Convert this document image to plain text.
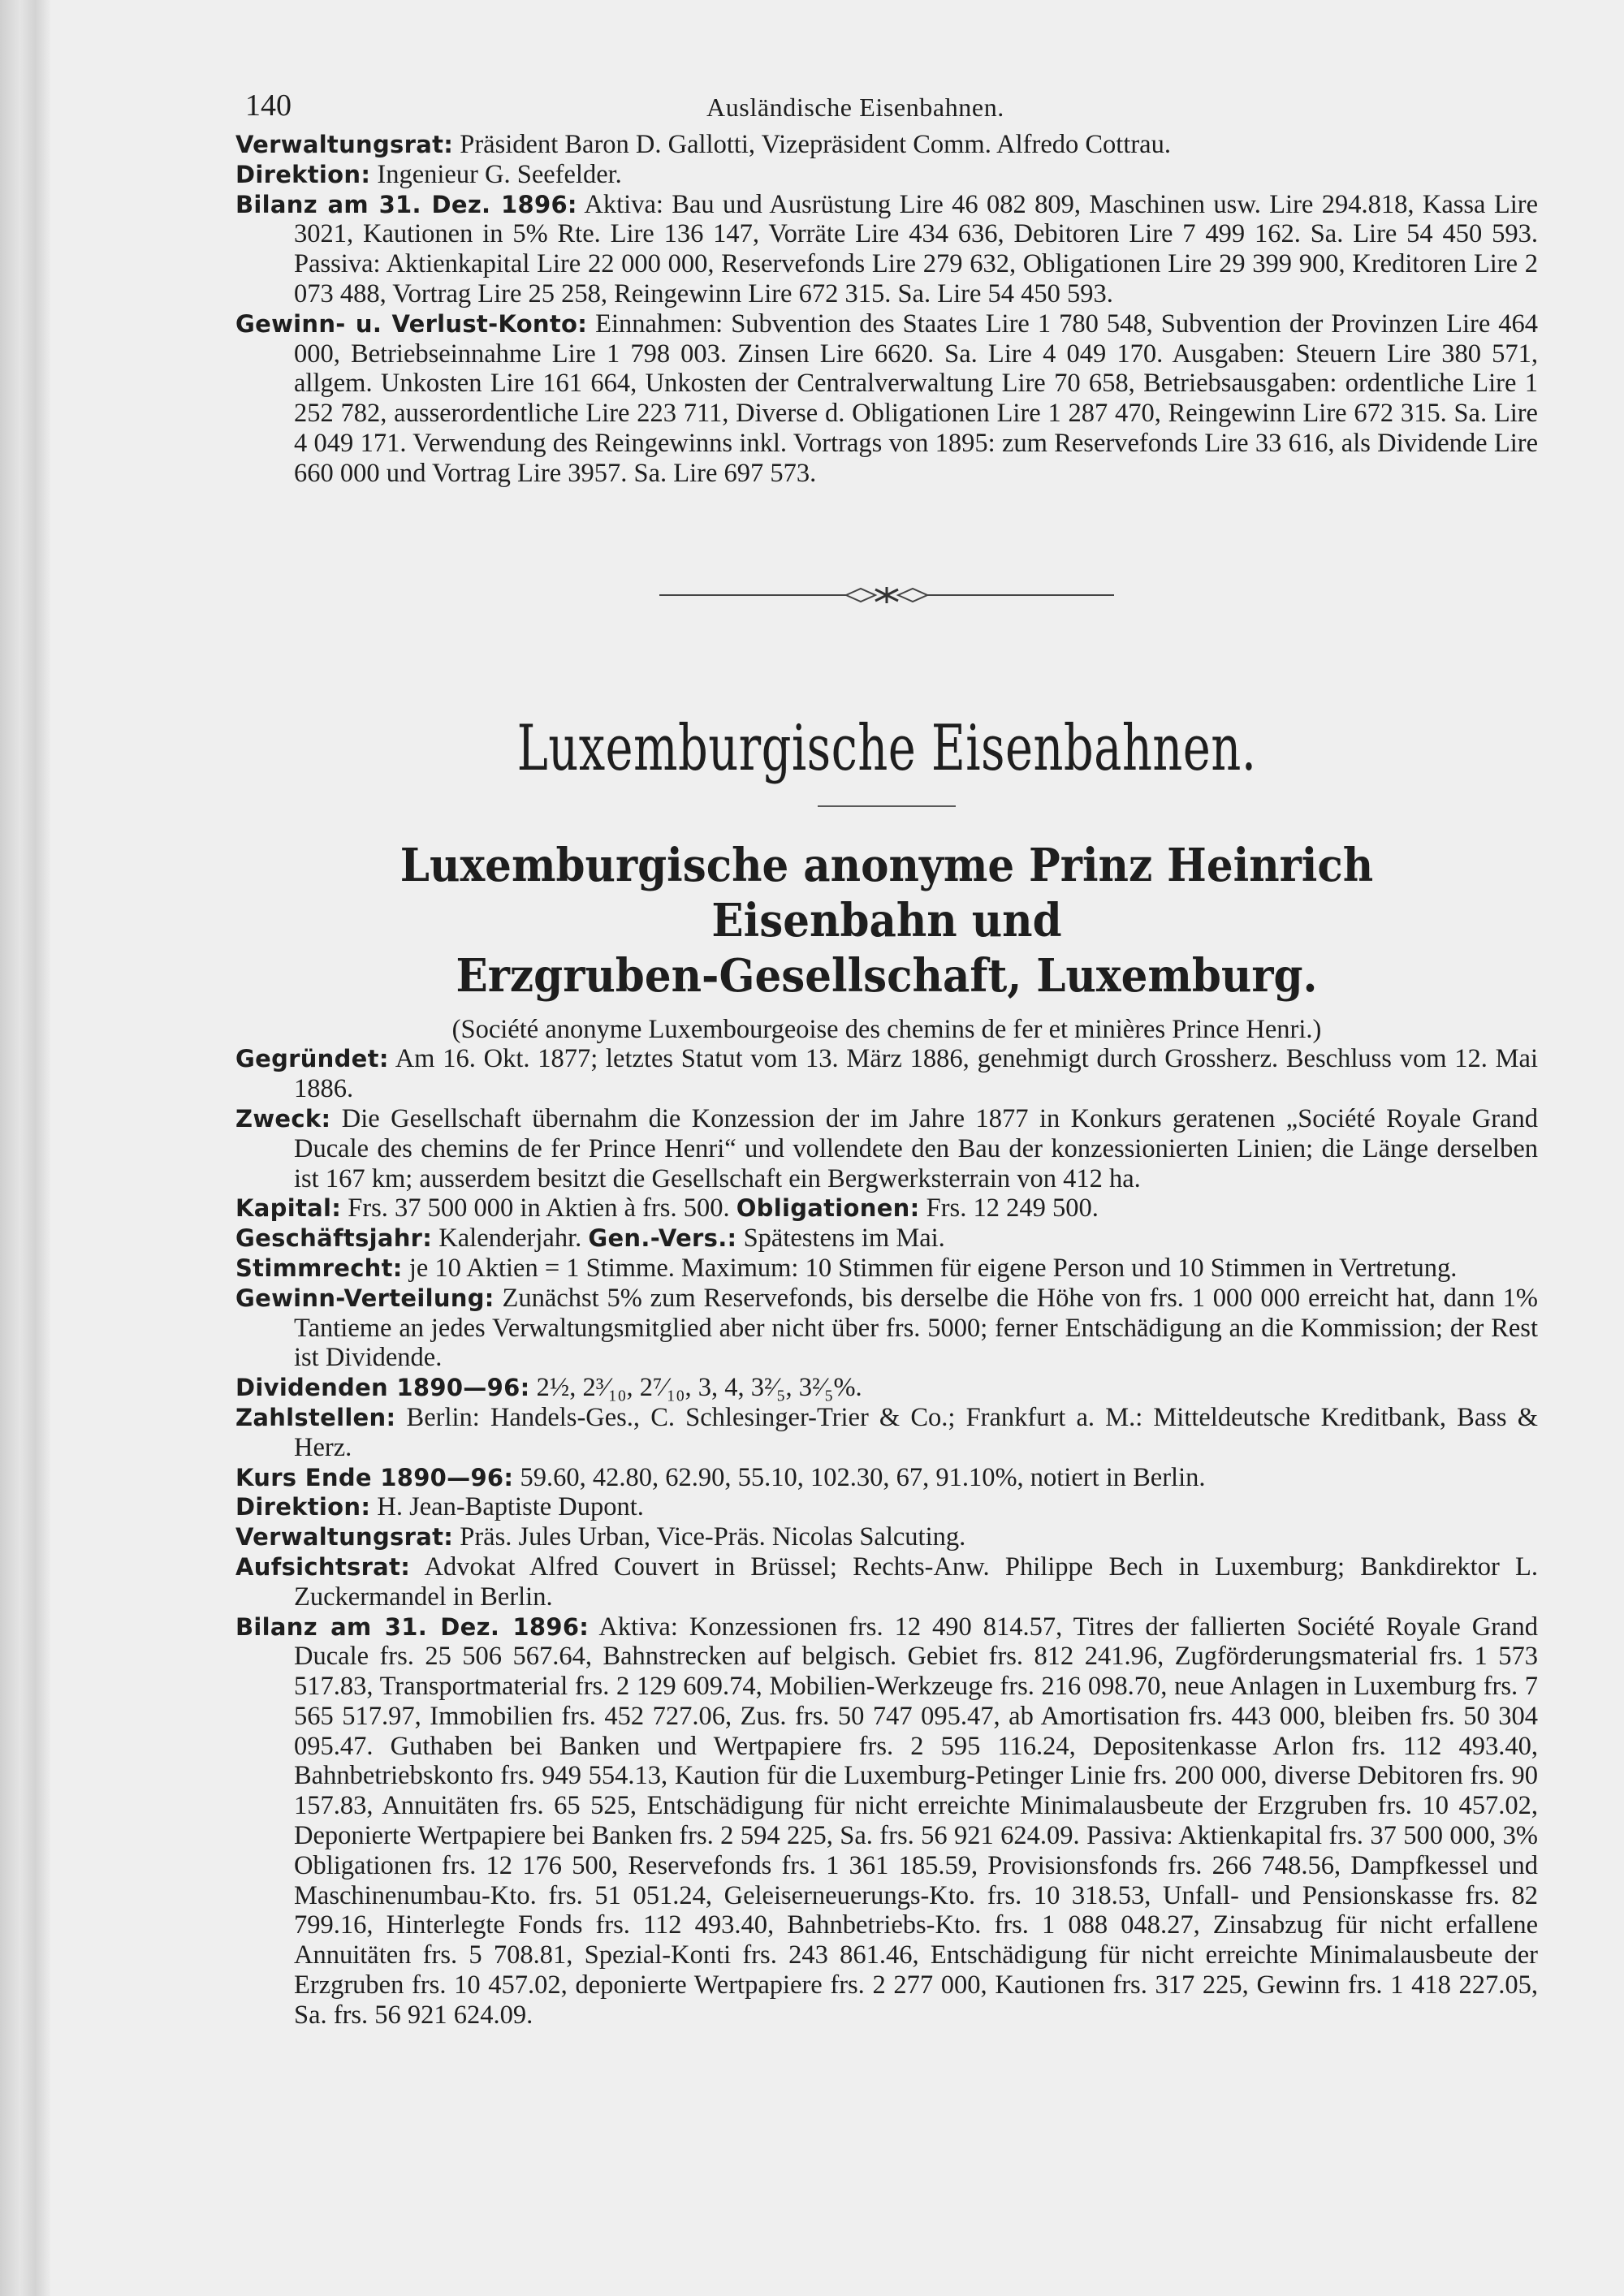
140	Ausländische Eisenbahnen.

Verwaltungsrat: Präsident Baron D. Gallotti, Vizepräsident Comm. Alfredo Cottrau.

Direktion: Ingenieur G. Seefelder.

Bilanz am 31. Dez. 1896: Aktiva: Bau und Ausrüstung Lire 46 082 809, Maschinen usw. Lire 294.818, Kassa Lire 3021, Kautionen in 5% Rte. Lire 136 147, Vorräte Lire 434 636, Debitoren Lire 7 499 162. Sa. Lire 54 450 593. Passiva: Aktienkapital Lire 22 000 000, Reservefonds Lire 279 632, Obligationen Lire 29 399 900, Kreditoren Lire 2 073 488, Vortrag Lire 25 258, Reingewinn Lire 672 315. Sa. Lire 54 450 593.

Gewinn- u. Verlust-Konto: Einnahmen: Subvention des Staates Lire 1 780 548, Subvention der Provinzen Lire 464 000, Betriebseinnahme Lire 1 798 003. Zinsen Lire 6620. Sa. Lire 4 049 170. Ausgaben: Steuern Lire 380 571, allgem. Unkosten Lire 161 664, Unkosten der Centralverwaltung Lire 70 658, Betriebsausgaben: ordentliche Lire 1 252 782, ausserordentliche Lire 223 711, Diverse d. Obligationen Lire 1 287 470, Reingewinn Lire 672 315. Sa. Lire 4 049 171. Verwendung des Reingewinns inkl. Vortrags von 1895: zum Reservefonds Lire 33 616, als Dividende Lire 660 000 und Vortrag Lire 3957. Sa. Lire 697 573.

Luxemburgische Eisenbahnen.
Luxemburgische anonyme Prinz Heinrich Eisenbahn und
Erzgruben-Gesellschaft, Luxemburg.

(Société anonyme Luxembourgeoise des chemins de fer et minières Prince Henri.)

Gegründet: Am 16. Okt. 1877; letztes Statut vom 13. März 1886, genehmigt durch Grossherz. Beschluss vom 12. Mai 1886.

Zweck: Die Gesellschaft übernahm die Konzession der im Jahre 1877 in Konkurs geratenen „Société Royale Grand Ducale des chemins de fer Prince Henri“ und vollendete den Bau der konzessionierten Linien; die Länge derselben ist 167 km; ausserdem besitzt die Gesellschaft ein Bergwerksterrain von 412 ha.

Kapital: Frs. 37 500 000 in Aktien à frs. 500. Obligationen: Frs. 12 249 500.

Geschäftsjahr: Kalenderjahr. Gen.-Vers.: Spätestens im Mai.

Stimmrecht: je 10 Aktien = 1 Stimme. Maximum: 10 Stimmen für eigene Person und 10 Stimmen in Vertretung.

Gewinn-Verteilung: Zunächst 5% zum Reservefonds, bis derselbe die Höhe von frs. 1 000 000 erreicht hat, dann 1% Tantieme an jedes Verwaltungsmitglied aber nicht über frs. 5000; ferner Entschädigung an die Kommission; der Rest ist Dividende.

Dividenden 1890—96: 2½, 2³⁄₁₀, 2⁷⁄₁₀, 3, 4, 3²⁄₅, 3²⁄₅%.

Zahlstellen: Berlin: Handels-Ges., C. Schlesinger-Trier & Co.; Frankfurt a. M.: Mitteldeutsche Kreditbank, Bass & Herz.

Kurs Ende 1890—96: 59.60, 42.80, 62.90, 55.10, 102.30, 67, 91.10%, notiert in Berlin.

Direktion: H. Jean-Baptiste Dupont.

Verwaltungsrat: Präs. Jules Urban, Vice-Präs. Nicolas Salcuting.

Aufsichtsrat: Advokat Alfred Couvert in Brüssel; Rechts-Anw. Philippe Bech in Luxemburg; Bankdirektor L. Zuckermandel in Berlin.

Bilanz am 31. Dez. 1896: Aktiva: Konzessionen frs. 12 490 814.57, Titres der fallierten Société Royale Grand Ducale frs. 25 506 567.64, Bahnstrecken auf belgisch. Gebiet frs. 812 241.96, Zugförderungsmaterial frs. 1 573 517.83, Transportmaterial frs. 2 129 609.74, Mobilien-Werkzeuge frs. 216 098.70, neue Anlagen in Luxemburg frs. 7 565 517.97, Immobilien frs. 452 727.06, Zus. frs. 50 747 095.47, ab Amortisation frs. 443 000, bleiben frs. 50 304 095.47. Guthaben bei Banken und Wertpapiere frs. 2 595 116.24, Depositenkasse Arlon frs. 112 493.40, Bahnbetriebskonto frs. 949 554.13, Kaution für die Luxemburg-Petinger Linie frs. 200 000, diverse Debitoren frs. 90 157.83, Annuitäten frs. 65 525, Entschädigung für nicht erreichte Minimalausbeute der Erzgruben frs. 10 457.02, Deponierte Wertpapiere bei Banken frs. 2 594 225, Sa. frs. 56 921 624.09. Passiva: Aktienkapital frs. 37 500 000, 3% Obligationen frs. 12 176 500, Reservefonds frs. 1 361 185.59, Provisionsfonds frs. 266 748.56, Dampfkessel und Maschinenumbau-Kto. frs. 51 051.24, Geleiserneuerungs-Kto. frs. 10 318.53, Unfall- und Pensionskasse frs. 82 799.16, Hinterlegte Fonds frs. 112 493.40, Bahnbetriebs-Kto. frs. 1 088 048.27, Zinsabzug für nicht erfallene Annuitäten frs. 5 708.81, Spezial-Konti frs. 243 861.46, Entschädigung für nicht erreichte Minimalausbeute der Erzgruben frs. 10 457.02, deponierte Wertpapiere frs. 2 277 000, Kautionen frs. 317 225, Gewinn frs. 1 418 227.05, Sa. frs. 56 921 624.09.
